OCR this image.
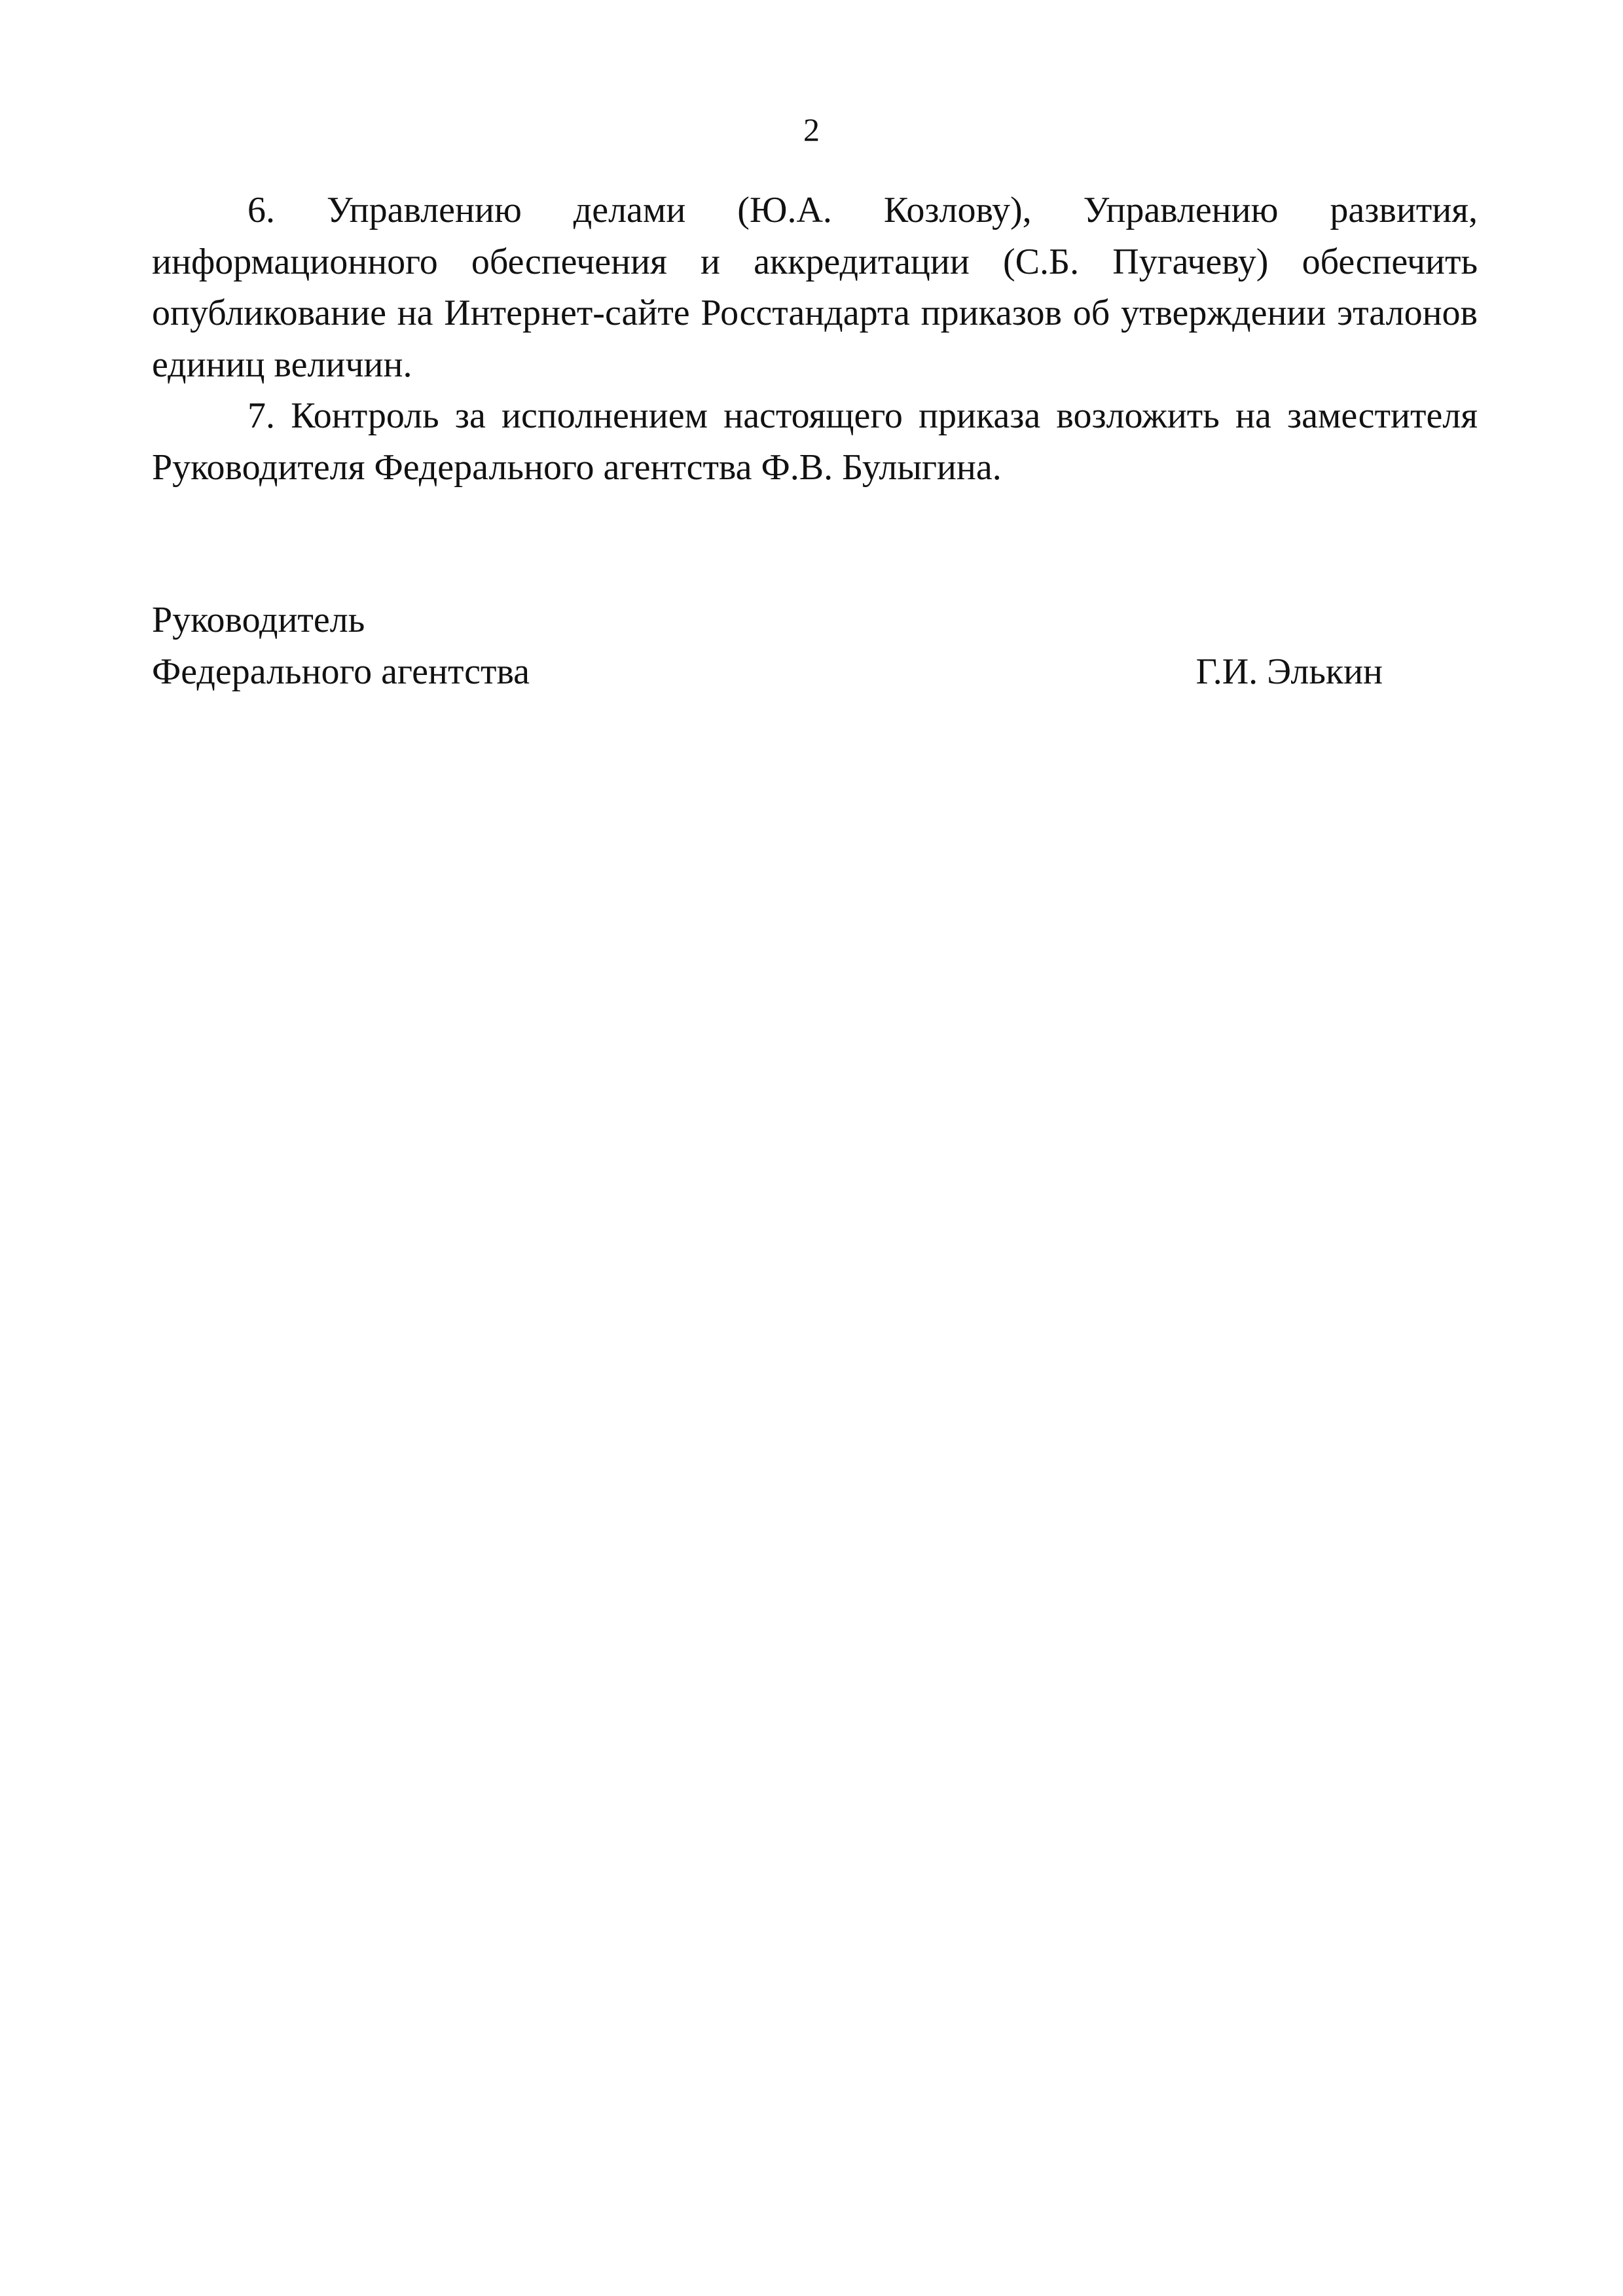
2

6. Управлению делами (Ю.А. Козлову), Управлению развития, информационного обеспечения и аккредитации (С.Б. Пугачеву) обеспечить опубликование на Интернет-сайте Росстандарта приказов об утверждении эталонов единиц величин.

7. Контроль за исполнением настоящего приказа возложить на заместителя Руководителя Федерального агентства Ф.В. Булыгина.

Руководитель
Федерального агентства	Г.И. Элькин
